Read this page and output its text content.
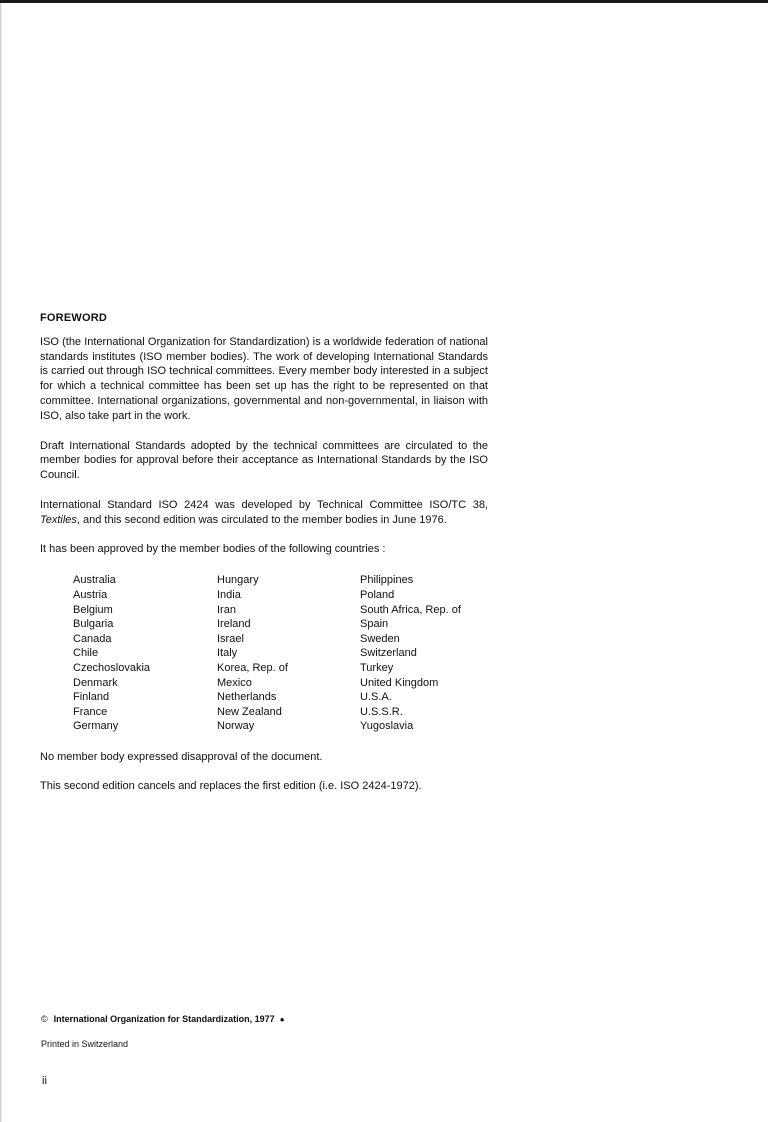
FOREWORD

ISO (the International Organization for Standardization) is a worldwide federation of national standards institutes (ISO member bodies). The work of developing International Standards is carried out through ISO technical committees. Every member body interested in a subject for which a technical committee has been set up has the right to be represented on that committee. International organizations, governmental and non-governmental, in liaison with ISO, also take part in the work.

Draft International Standards adopted by the technical committees are circulated to the member bodies for approval before their acceptance as International Standards by the ISO Council.

International Standard ISO 2424 was developed by Technical Committee ISO/TC 38, Textiles, and this second edition was circulated to the member bodies in June 1976.

It has been approved by the member bodies of the following countries :

Australia
Austria
Belgium
Bulgaria
Canada
Chile
Czechoslovakia
Denmark
Finland
France
Germany
Hungary
India
Iran
Ireland
Israel
Italy
Korea, Rep. of
Mexico
Netherlands
New Zealand
Norway
Philippines
Poland
South Africa, Rep. of
Spain
Sweden
Switzerland
Turkey
United Kingdom
U.S.A.
U.S.S.R.
Yugoslavia

No member body expressed disapproval of the document.

This second edition cancels and replaces the first edition (i.e. ISO 2424-1972).

© International Organization for Standardization, 1977 ●
Printed in Switzerland
ii
